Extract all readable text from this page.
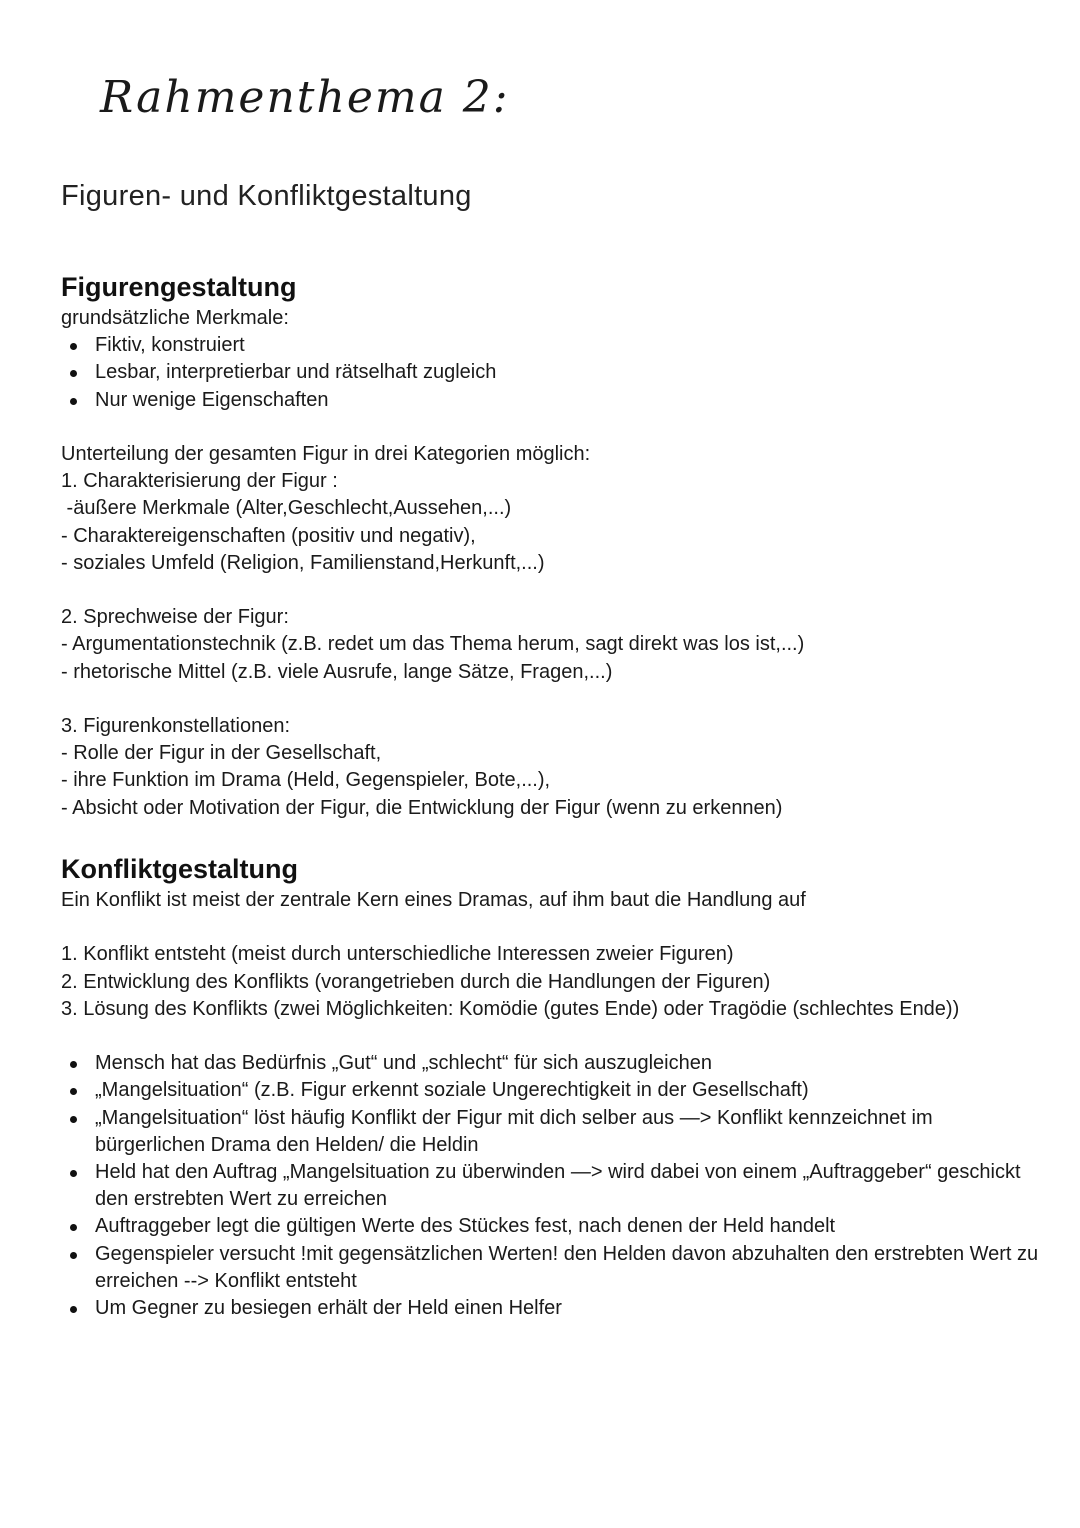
Rahmenthema 2:
Figuren- und Konfliktgestaltung
Figurengestaltung
grundsätzliche Merkmale:
Fiktiv, konstruiert
Lesbar, interpretierbar und rätselhaft zugleich
Nur wenige Eigenschaften
Unterteilung der gesamten Figur in drei Kategorien möglich:
1. Charakterisierung der Figur :
-äußere Merkmale (Alter,Geschlecht,Aussehen,...)
- Charaktereigenschaften (positiv und negativ),
- soziales Umfeld (Religion, Familienstand,Herkunft,...)
2. Sprechweise der Figur:
- Argumentationstechnik (z.B. redet um das Thema herum, sagt direkt was los ist,...)
- rhetorische Mittel (z.B. viele Ausrufe, lange Sätze, Fragen,...)
3. Figurenkonstellationen:
- Rolle der Figur in der Gesellschaft,
- ihre Funktion im Drama (Held, Gegenspieler, Bote,...),
- Absicht oder Motivation der Figur, die Entwicklung der Figur (wenn zu erkennen)
Konfliktgestaltung
Ein Konflikt ist meist der zentrale Kern eines Dramas, auf ihm baut die Handlung auf
1. Konflikt entsteht (meist durch unterschiedliche Interessen zweier Figuren)
2. Entwicklung des Konflikts (vorangetrieben durch die Handlungen der Figuren)
3. Lösung des Konflikts (zwei Möglichkeiten: Komödie (gutes Ende) oder Tragödie (schlechtes Ende))
Mensch hat das Bedürfnis „Gut“ und „schlecht“ für sich auszugleichen
„Mangelsituation“ (z.B. Figur erkennt soziale Ungerechtigkeit in der Gesellschaft)
„Mangelsituation“ löst häufig Konflikt der Figur mit dich selber aus —> Konflikt kennzeichnet im bürgerlichen Drama den Helden/ die Heldin
Held hat den Auftrag „Mangelsituation zu überwinden —> wird dabei von einem „Auftraggeber“ geschickt den erstrebten Wert zu erreichen
Auftraggeber legt die gültigen Werte des Stückes fest, nach denen der Held handelt
Gegenspieler versucht !mit gegensätzlichen Werten! den Helden davon abzuhalten den erstrebten Wert zu erreichen --> Konflikt entsteht
Um Gegner zu besiegen erhält der Held einen Helfer
